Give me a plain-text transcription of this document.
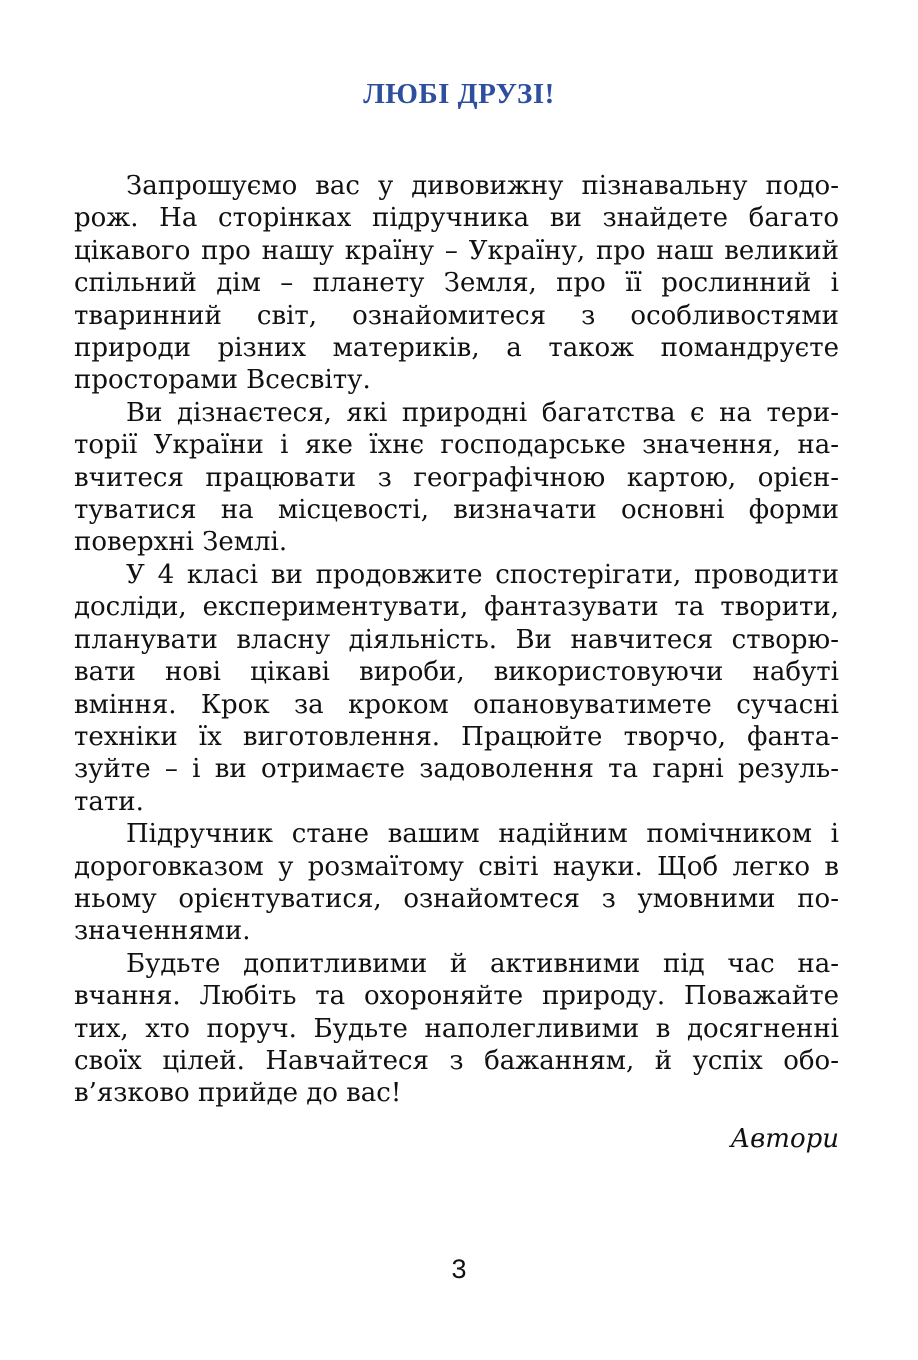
ЛЮБІ ДРУЗІ!

Запрошуємо вас у дивовижну пізнавальну подорож. На сторінках підручника ви знайдете багато цікавого про нашу країну – Україну, про наш великий спільний дім – планету Земля, про її рослинний і тваринний світ, ознайомитеся з особливостями природи різних материків, а також помандруєте просторами Всесвіту.

Ви дізнаєтеся, які природні багатства є на території України і яке їхнє господарське значення, навчитеся працювати з географічною картою, орієнтуватися на місцевості, визначати основні форми поверхні Землі.

У 4 класі ви продовжите спостерігати, проводити досліди, експериментувати, фантазувати та творити, планувати власну діяльність. Ви навчитеся створювати нові цікаві вироби, використовуючи набуті вміння. Крок за кроком опановуватимете сучасні техніки їх виготовлення. Працюйте творчо, фантазуйте – і ви отримаєте задоволення та гарні результати.

Підручник стане вашим надійним помічником і дороговказом у розмаїтому світі науки. Щоб легко в ньому орієнтуватися, ознайомтеся з умовними позначеннями.

Будьте допитливими й активними під час навчання. Любіть та охороняйте природу. Поважайте тих, хто поруч. Будьте наполегливими в досягненні своїх цілей. Навчайтеся з бажанням, й успіх обов’язково прийде до вас!

Автори

3
